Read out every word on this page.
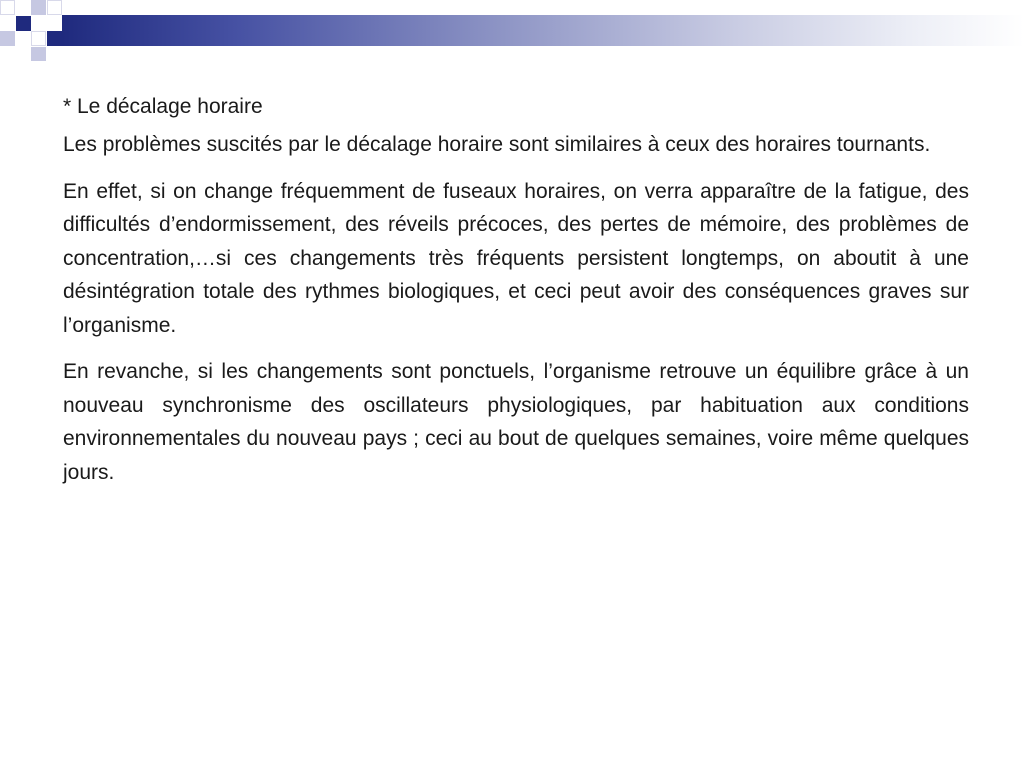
* Le décalage horaire

Les problèmes suscités par le décalage horaire sont similaires à ceux des horaires tournants.

En effet, si on change fréquemment de fuseaux horaires, on verra apparaître de la fatigue, des difficultés d’endormissement, des réveils précoces, des pertes de mémoire, des problèmes de concentration,…si ces changements très fréquents persistent longtemps, on aboutit à une désintégration totale des rythmes biologiques, et ceci peut avoir des conséquences graves sur l’organisme.

En revanche, si les changements sont ponctuels, l’organisme retrouve un équilibre grâce à un nouveau synchronisme des oscillateurs physiologiques, par habituation aux conditions environnementales du nouveau pays ; ceci au bout de quelques semaines, voire même quelques jours.
